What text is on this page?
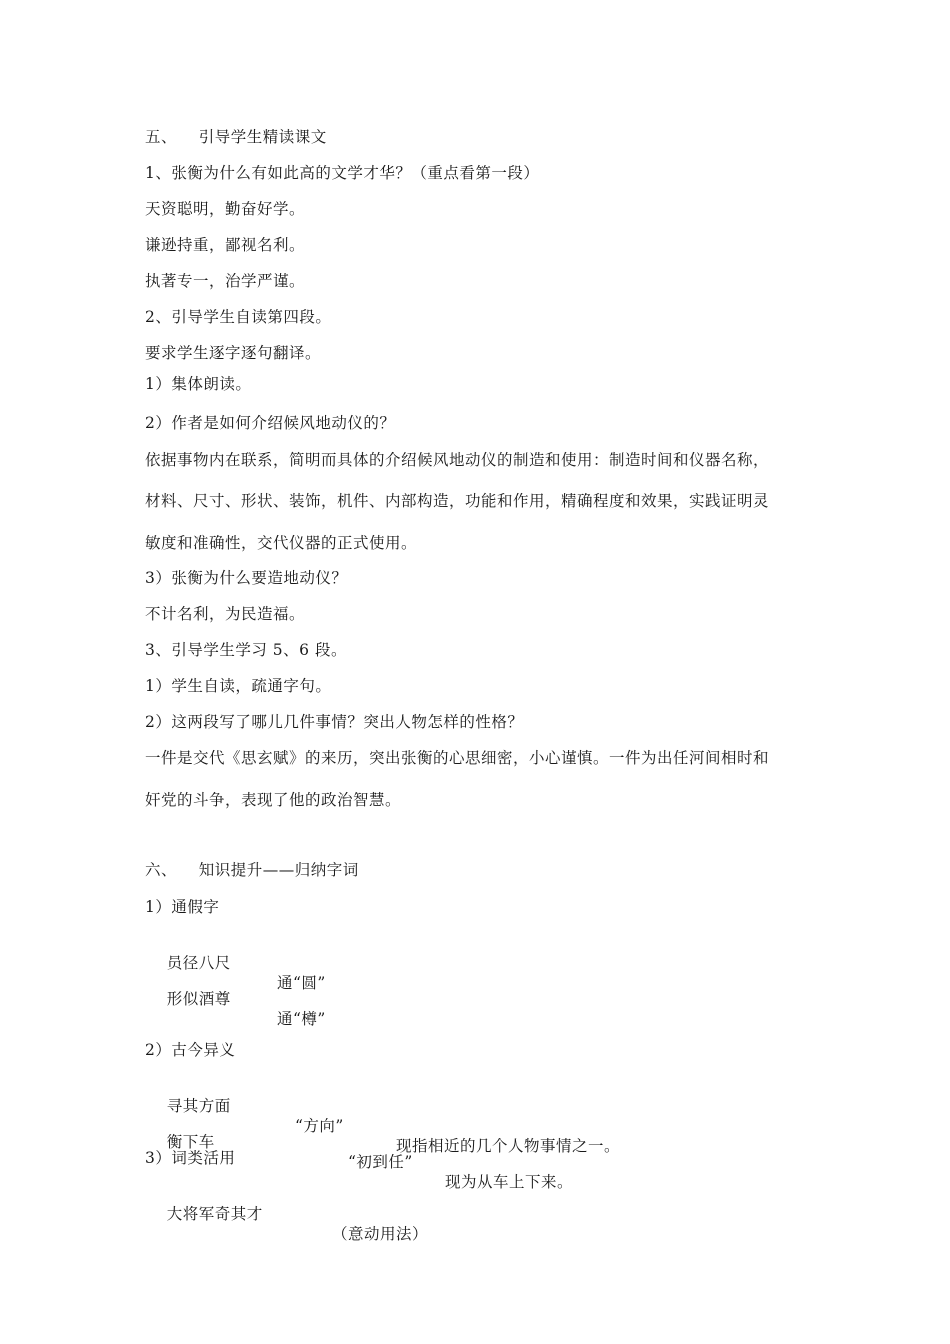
五、    引导学生精读课文
1、张衡为什么有如此高的文学才华？（重点看第一段）
天资聪明，勤奋好学。
谦逊持重，鄙视名利。
执著专一，治学严谨。
2、引导学生自读第四段。
要求学生逐字逐句翻译。
1）集体朗读。
2）作者是如何介绍候风地动仪的？
依据事物内在联系，简明而具体的介绍候风地动仪的制造和使用：制造时间和仪器名称，
材料、尺寸、形状、装饰，机件、内部构造，功能和作用，精确程度和效果，实践证明灵
敏度和准确性，交代仪器的正式使用。
3）张衡为什么要造地动仪？
不计名利，为民造福。
3、引导学生学习 5、6 段。
1）学生自读，疏通字句。
2）这两段写了哪儿几件事情？突出人物怎样的性格？
一件是交代《思玄赋》的来历，突出张衡的心思细密，小心谨慎。一件为出任河间相时和
奸党的斗争，表现了他的政治智慧。
六、    知识提升——归纳字词
1）通假字

员径八尺

通“圆”

形似酒尊

通“樽”

2）古今异义

寻其方面

“方向”

现指相近的几个人物事情之一。

衡下车

“初到任”

现为从车上下来。

3）词类活用

大将军奇其才

（意动用法）
